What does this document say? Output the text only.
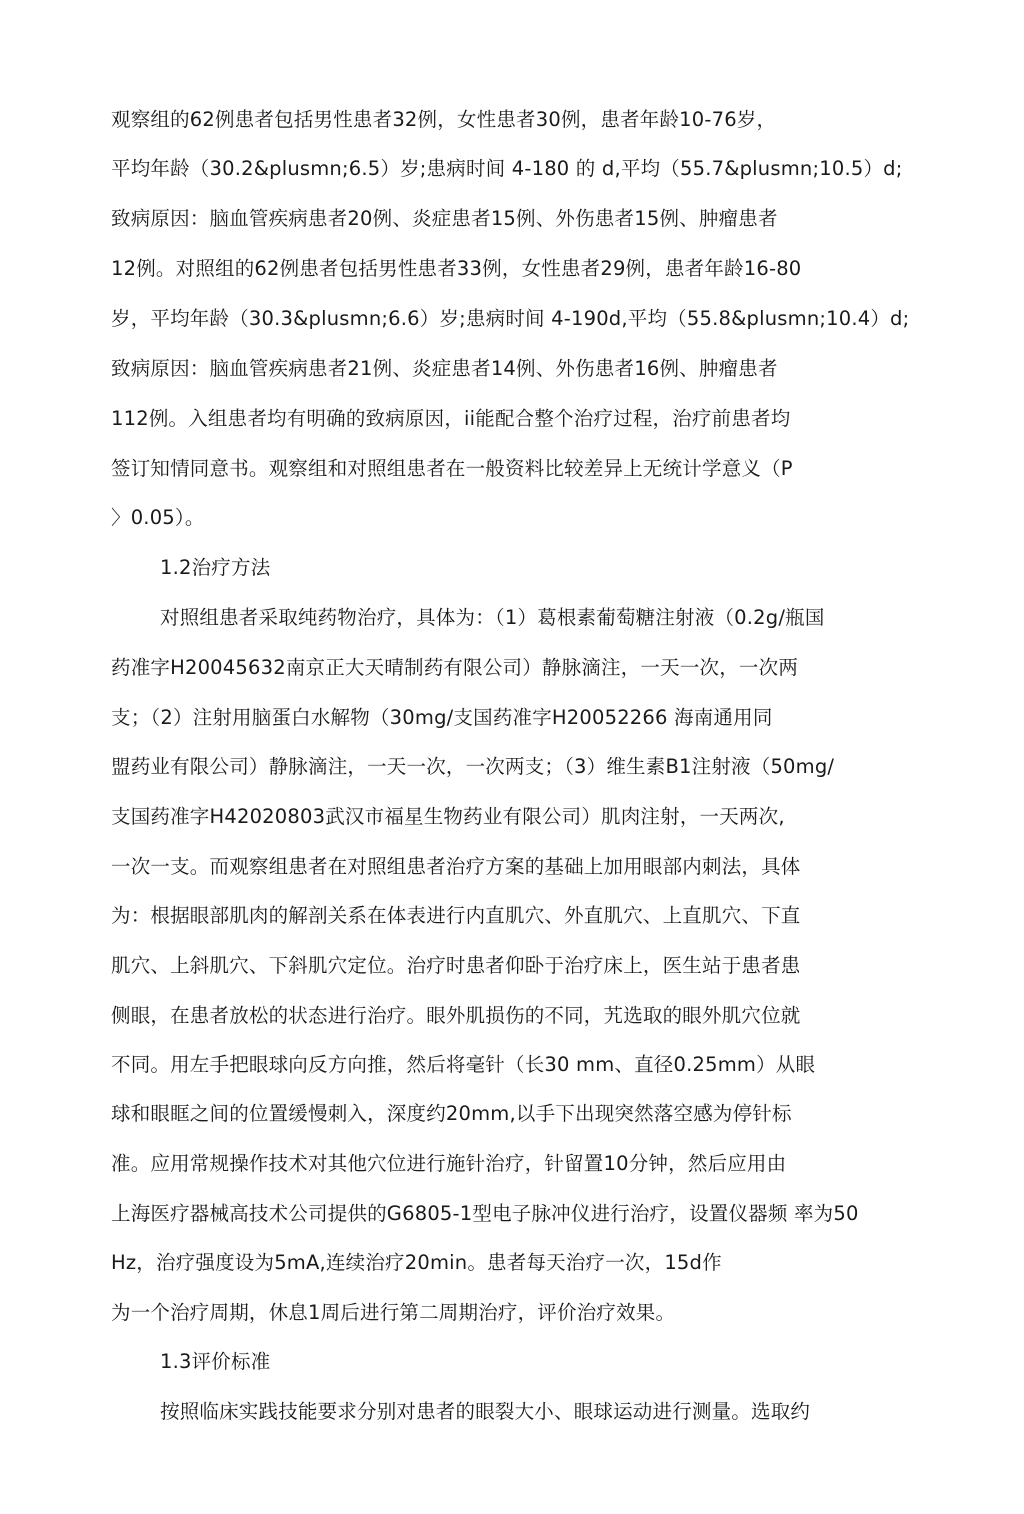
观察组的62例患者包括男性患者32例，女性患者30例，患者年龄10-76岁，
平均年龄（30.2&plusmn;6.5）岁;患病时间 4-180 的 d,平均（55.7&plusmn;10.5）d;
致病原因：脑血管疾病患者20例、炎症患者15例、外伤患者15例、肿瘤患者
12例。对照组的62例患者包括男性患者33例，女性患者29例，患者年龄16-80
岁，平均年龄（30.3&plusmn;6.6）岁;患病时间 4-190d,平均（55.8&plusmn;10.4）d;
致病原因：脑血管疾病患者21例、炎症患者14例、外伤患者16例、肿瘤患者
112例。入组患者均有明确的致病原因，ii能配合整个治疗过程，治疗前患者均
签订知情同意书。观察组和对照组患者在一般资料比较差异上无统计学意义（P
〉0.05）。
1.2治疗方法
对照组患者采取纯药物治疗，具体为：（1）葛根素葡萄糖注射液（0.2g/瓶国
药准字H20045632南京正大天晴制药有限公司）静脉滴注，一天一次，一次两
支；（2）注射用脑蛋白水解物（30mg/支国药准字H20052266 海南通用同
盟药业有限公司）静脉滴注，一天一次，一次两支；（3）维生素B1注射液（50mg/
支国药准字H42020803武汉市福星生物药业有限公司）肌肉注射，一天两次,
一次一支。而观察组患者在对照组患者治疗方案的基础上加用眼部内刺法，具体
为：根据眼部肌肉的解剖关系在体表进行内直肌穴、外直肌穴、上直肌穴、下直
肌穴、上斜肌穴、下斜肌穴定位。治疗时患者仰卧于治疗床上，医生站于患者患
侧眼，在患者放松的状态进行治疗。眼外肌损伤的不同，艽选取的眼外肌穴位就
不同。用左手把眼球向反方向推，然后将毫针（长30 mm、直径0.25mm）从眼
球和眼眶之间的位置缓慢刺入，深度约20mm,以手下出现突然落空感为停针标
准。应用常规操作技术对其他穴位进行施针治疗，针留置10分钟，然后应用由
上海医疗器械高技术公司提供的G6805-1型电子脉冲仪进行治疗，设置仪器频 率为50
Hz，治疗强度设为5mA,连续治疗20min。患者每天治疗一次，15d作
为一个治疗周期，休息1周后进行第二周期治疗，评价治疗效果。
1.3评价标准
按照临床实践技能要求分别对患者的眼裂大小、眼球运动进行测量。选取约
